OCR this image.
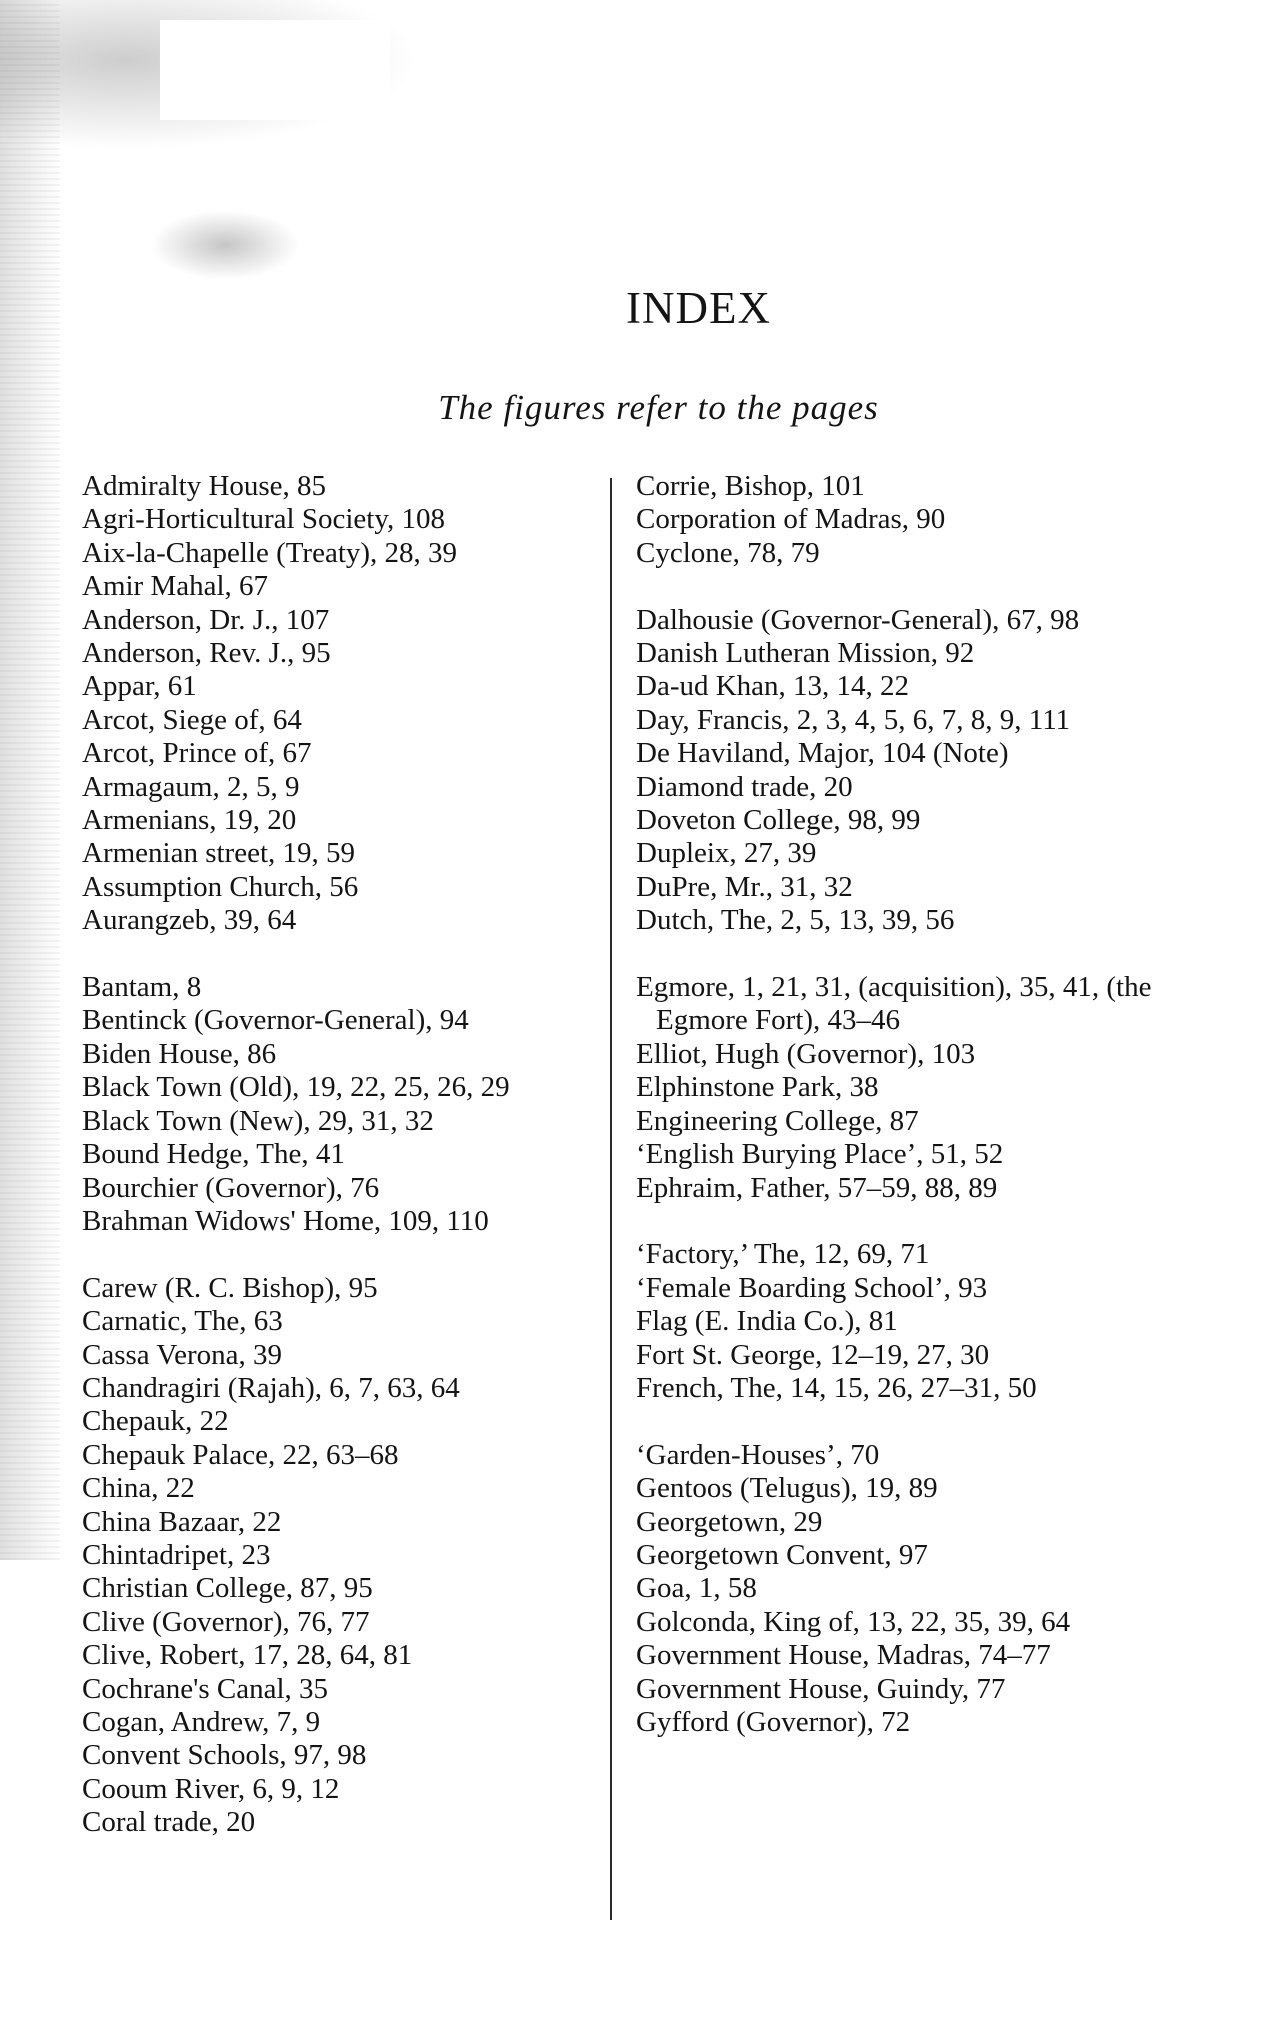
INDEX
The figures refer to the pages

Admiralty House, 85

Agri-Horticultural Society, 108

Aix-la-Chapelle (Treaty), 28, 39

Amir Mahal, 67

Anderson, Dr. J., 107

Anderson, Rev. J., 95

Appar, 61

Arcot, Siege of, 64

Arcot, Prince of, 67

Armagaum, 2, 5, 9

Armenians, 19, 20

Armenian street, 19, 59

Assumption Church, 56

Aurangzeb, 39, 64

Bantam, 8

Bentinck (Governor-General), 94

Biden House, 86

Black Town (Old), 19, 22, 25, 26, 29

Black Town (New), 29, 31, 32

Bound Hedge, The, 41

Bourchier (Governor), 76

Brahman Widows' Home, 109, 110

Carew (R. C. Bishop), 95

Carnatic, The, 63

Cassa Verona, 39

Chandragiri (Rajah), 6, 7, 63, 64

Chepauk, 22

Chepauk Palace, 22, 63–68

China, 22

China Bazaar, 22

Chintadripet, 23

Christian College, 87, 95

Clive (Governor), 76, 77

Clive, Robert, 17, 28, 64, 81

Cochrane's Canal, 35

Cogan, Andrew, 7, 9

Convent Schools, 97, 98

Cooum River, 6, 9, 12

Coral trade, 20

Corrie, Bishop, 101

Corporation of Madras, 90

Cyclone, 78, 79

Dalhousie (Governor-General), 67, 98

Danish Lutheran Mission, 92

Da-ud Khan, 13, 14, 22

Day, Francis, 2, 3, 4, 5, 6, 7, 8, 9, 111

De Haviland, Major, 104 (Note)

Diamond trade, 20

Doveton College, 98, 99

Dupleix, 27, 39

DuPre, Mr., 31, 32

Dutch, The, 2, 5, 13, 39, 56

Egmore, 1, 21, 31, (acquisition), 35, 41, (the Egmore Fort), 43–46

Elliot, Hugh (Governor), 103

Elphinstone Park, 38

Engineering College, 87

‘English Burying Place’, 51, 52

Ephraim, Father, 57–59, 88, 89

‘Factory,’ The, 12, 69, 71

‘Female Boarding School’, 93

Flag (E. India Co.), 81

Fort St. George, 12–19, 27, 30

French, The, 14, 15, 26, 27–31, 50

‘Garden-Houses’, 70

Gentoos (Telugus), 19, 89

Georgetown, 29

Georgetown Convent, 97

Goa, 1, 58

Golconda, King of, 13, 22, 35, 39, 64

Government House, Madras, 74–77

Government House, Guindy, 77

Gyfford (Governor), 72
